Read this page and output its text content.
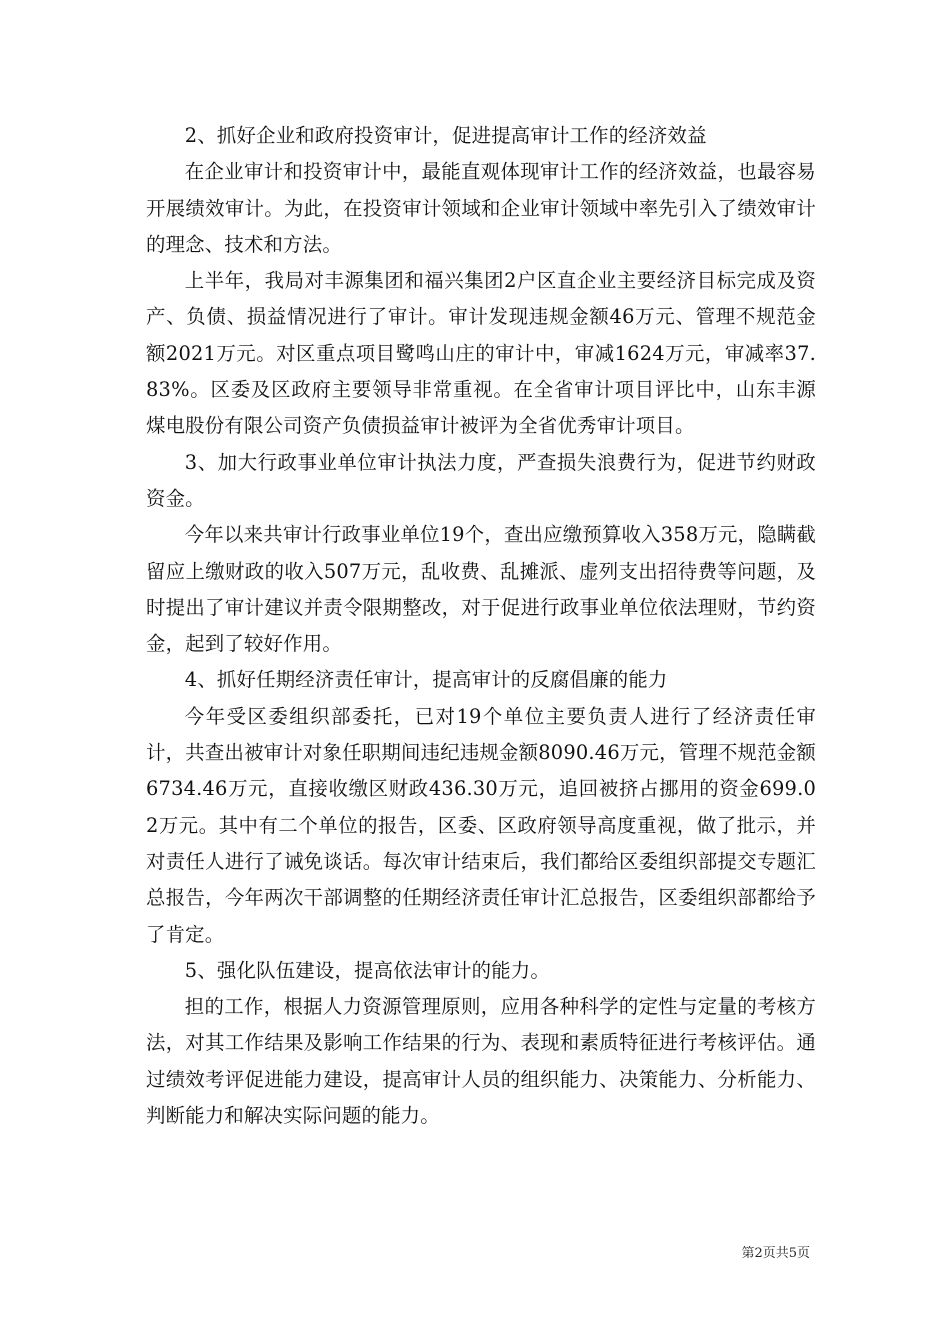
2、抓好企业和政府投资审计，促进提高审计工作的经济效益

在企业审计和投资审计中，最能直观体现审计工作的经济效益，也最容易开展绩效审计。为此，在投资审计领域和企业审计领域中率先引入了绩效审计的理念、技术和方法。

上半年，我局对丰源集团和福兴集团2户区直企业主要经济目标完成及资产、负债、损益情况进行了审计。审计发现违规金额46万元、管理不规范金额2021万元。对区重点项目鹭鸣山庄的审计中，审减1624万元，审减率37.83%。区委及区政府主要领导非常重视。在全省审计项目评比中，山东丰源煤电股份有限公司资产负债损益审计被评为全省优秀审计项目。

3、加大行政事业单位审计执法力度，严查损失浪费行为，促进节约财政资金。

今年以来共审计行政事业单位19个，查出应缴预算收入358万元，隐瞒截留应上缴财政的收入507万元，乱收费、乱摊派、虚列支出招待费等问题，及时提出了审计建议并责令限期整改，对于促进行政事业单位依法理财，节约资金，起到了较好作用。

4、抓好任期经济责任审计，提高审计的反腐倡廉的能力

今年受区委组织部委托，已对19个单位主要负责人进行了经济责任审计，共查出被审计对象任职期间违纪违规金额8090.46万元，管理不规范金额6734.46万元，直接收缴区财政436.30万元，追回被挤占挪用的资金699.02万元。其中有二个单位的报告，区委、区政府领导高度重视，做了批示，并对责任人进行了诫免谈话。每次审计结束后，我们都给区委组织部提交专题汇总报告，今年两次干部调整的任期经济责任审计汇总报告，区委组织部都给予了肯定。

5、强化队伍建设，提高依法审计的能力。

担的工作，根据人力资源管理原则，应用各种科学的定性与定量的考核方法，对其工作结果及影响工作结果的行为、表现和素质特征进行考核评估。通过绩效考评促进能力建设，提高审计人员的组织能力、决策能力、分析能力、判断能力和解决实际问题的能力。

第2页共5页
